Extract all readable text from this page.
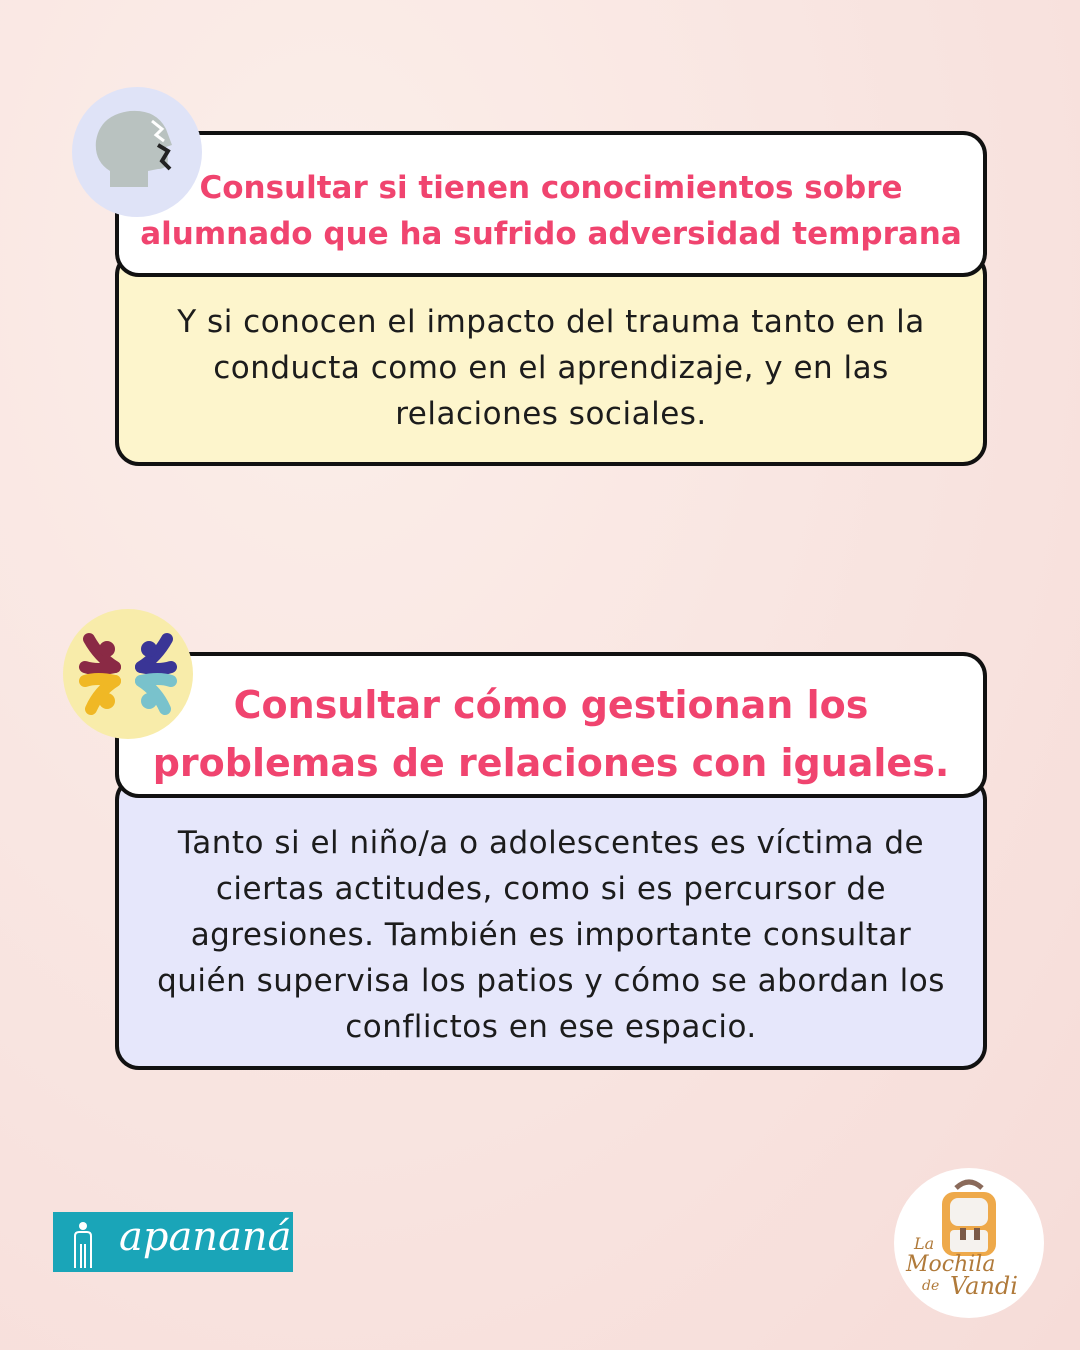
Y si conocen el impacto del trauma tanto en la conducta como en el aprendizaje, y en las relaciones sociales.
Consultar si tienen conocimientos sobre alumnado que ha sufrido adversidad temprana
Tanto si el niño/a o adolescentes es víctima de ciertas actitudes, como si es percursor de agresiones. También es importante consultar quién supervisa los patios y cómo se abordan los conflictos en ese espacio.
Consultar cómo gestionan los problemas de relaciones con iguales.
apananá	La
Mochila
de Vandi
